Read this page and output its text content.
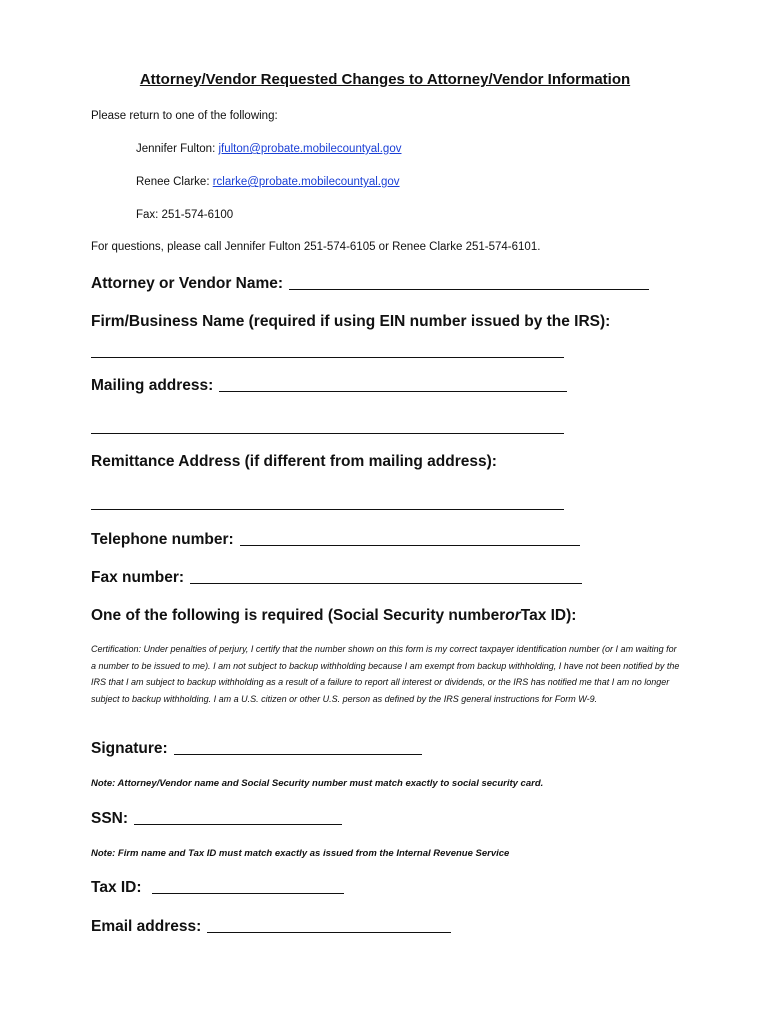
Attorney/Vendor Requested Changes to Attorney/Vendor Information
Please return to one of the following:
Jennifer Fulton: jfulton@probate.mobilecountyal.gov
Renee Clarke: rclarke@probate.mobilecountyal.gov
Fax: 251-574-6100
For questions, please call Jennifer Fulton 251-574-6105 or Renee Clarke 251-574-6101.
Attorney or Vendor Name:
Firm/Business Name (required if using EIN number issued by the IRS):
Mailing address:
Remittance Address (if different from mailing address):
Telephone number:
Fax number:
One of the following is required (Social Security number or Tax ID):
Certification: Under penalties of perjury, I certify that the number shown on this form is my correct taxpayer identification number (or I am waiting for a number to be issued to me). I am not subject to backup withholding because I am exempt from backup withholding, I have not been notified by the IRS that I am subject to backup withholding as a result of a failure to report all interest or dividends, or the IRS has notified me that I am no longer subject to backup withholding. I am a U.S. citizen or other U.S. person as defined by the IRS general instructions for Form W-9.
Signature:
Note: Attorney/Vendor name and Social Security number must match exactly to social security card.
SSN:
Note: Firm name and Tax ID must match exactly as issued from the Internal Revenue Service
Tax ID:
Email address:
